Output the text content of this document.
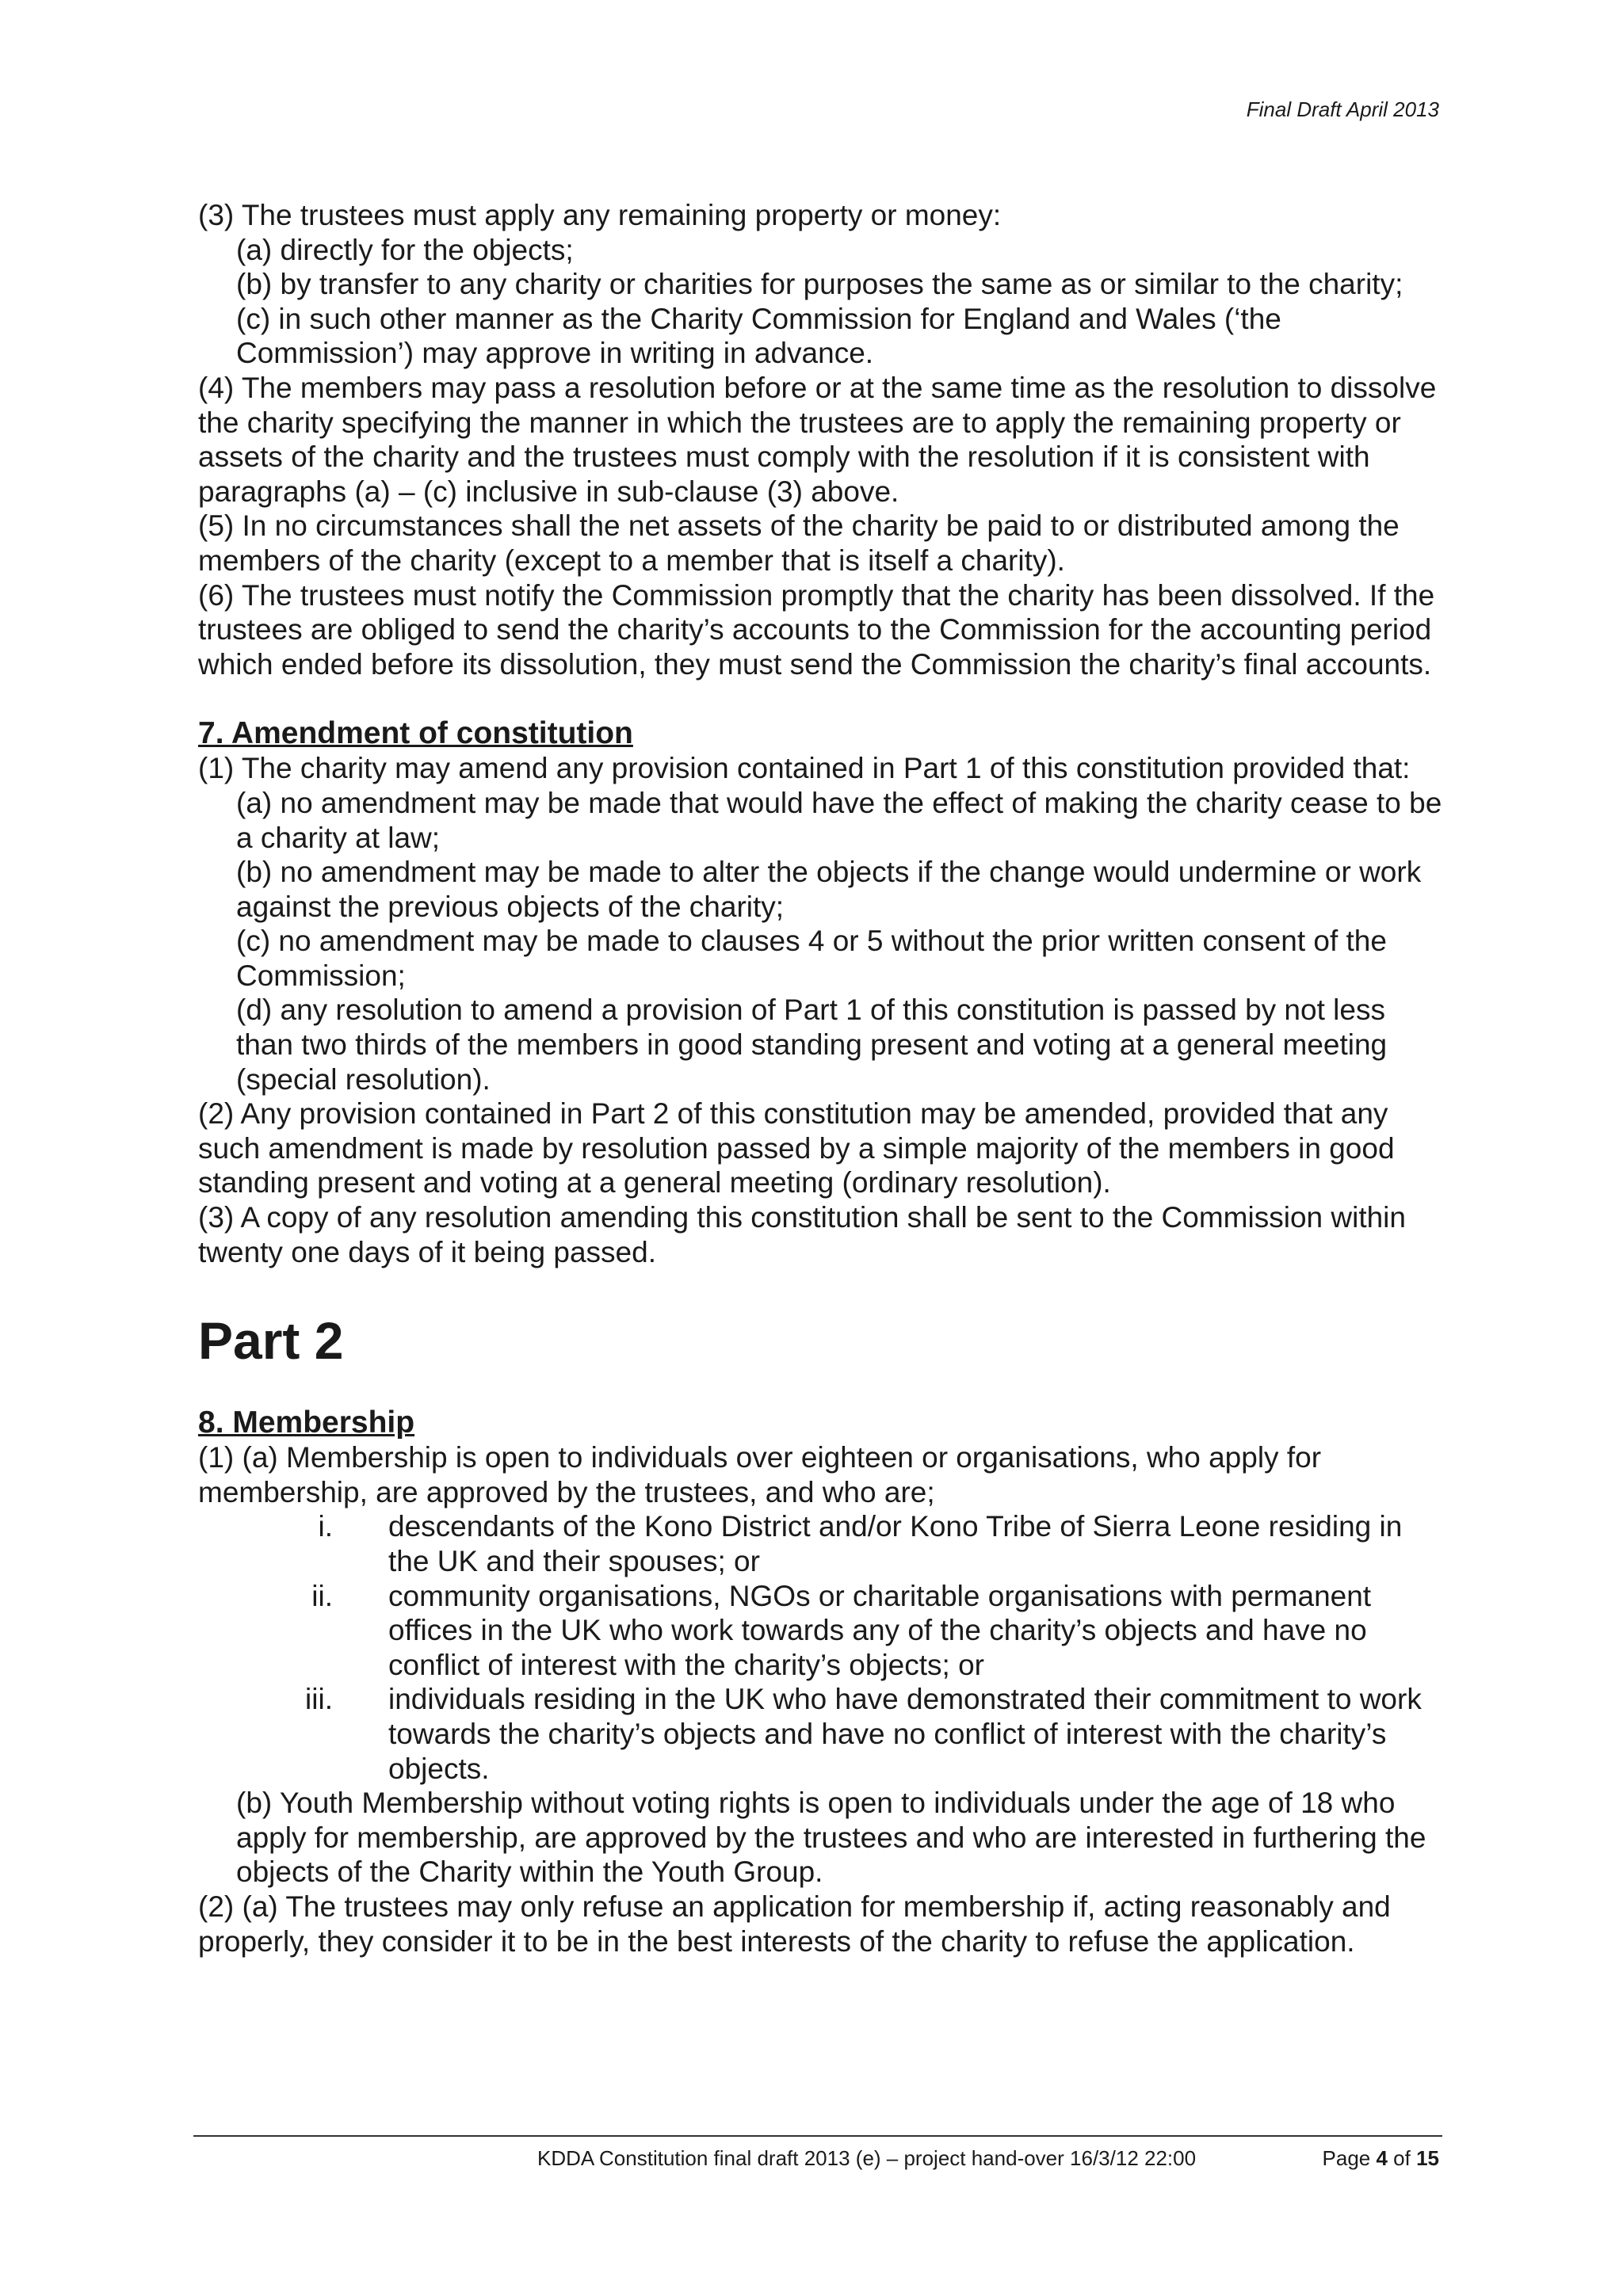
Final Draft April 2013

(3) The trustees must apply any remaining property or money:

(a) directly for the objects;

(b) by transfer to any charity or charities for purposes the same as or similar to the charity;

(c) in such other manner as the Charity Commission for England and Wales (‘the Commission’) may approve in writing in advance.

(4) The members may pass a resolution before or at the same time as the resolution to dissolve the charity specifying the manner in which the trustees are to apply the remaining property or assets of the charity and the trustees must comply with the resolution if it is consistent with paragraphs (a) – (c) inclusive in sub-clause (3) above.

(5) In no circumstances shall the net assets of the charity be paid to or distributed among the members of the charity (except to a member that is itself a charity).

(6) The trustees must notify the Commission promptly that the charity has been dissolved. If the trustees are obliged to send the charity’s accounts to the Commission for the accounting period which ended before its dissolution, they must send the Commission the charity’s final accounts.

7. Amendment of constitution

(1) The charity may amend any provision contained in Part 1 of this constitution provided that:

(a) no amendment may be made that would have the effect of making the charity cease to be a charity at law;

(b) no amendment may be made to alter the objects if the change would undermine or work against the previous objects of the charity;

(c) no amendment may be made to clauses 4 or 5 without the prior written consent of the Commission;

(d) any resolution to amend a provision of Part 1 of this constitution is passed by not less than two thirds of the members in good standing present and voting at a general meeting (special resolution).

(2) Any provision contained in Part 2 of this constitution may be amended, provided that any such amendment is made by resolution passed by a simple majority of the members in good standing present and voting at a general meeting (ordinary resolution).

(3) A copy of any resolution amending this constitution shall be sent to the Commission within twenty one days of it being passed.

Part 2
8. Membership

(1) (a) Membership is open to individuals over eighteen or organisations, who apply for membership, are approved by the trustees, and who are;

i.	descendants of the Kono District and/or Kono Tribe of Sierra Leone residing in the UK and their spouses; or
ii.	community organisations, NGOs or charitable organisations with permanent offices in the UK who work towards any of the charity’s objects and have no conflict of interest with the charity’s objects; or
iii.	individuals residing in the UK who have demonstrated their commitment to work towards the charity’s objects and have no conflict of interest with the charity’s objects.

(b) Youth Membership without voting rights is open to individuals under the age of 18 who apply for membership, are approved by the trustees and who are interested in furthering the objects of the Charity within the Youth Group.

(2) (a) The trustees may only refuse an application for membership if, acting reasonably and properly, they consider it to be in the best interests of the charity to refuse the application.

KDDA Constitution final draft 2013 (e) – project hand-over 16/3/12 22:00	Page 4 of 15
